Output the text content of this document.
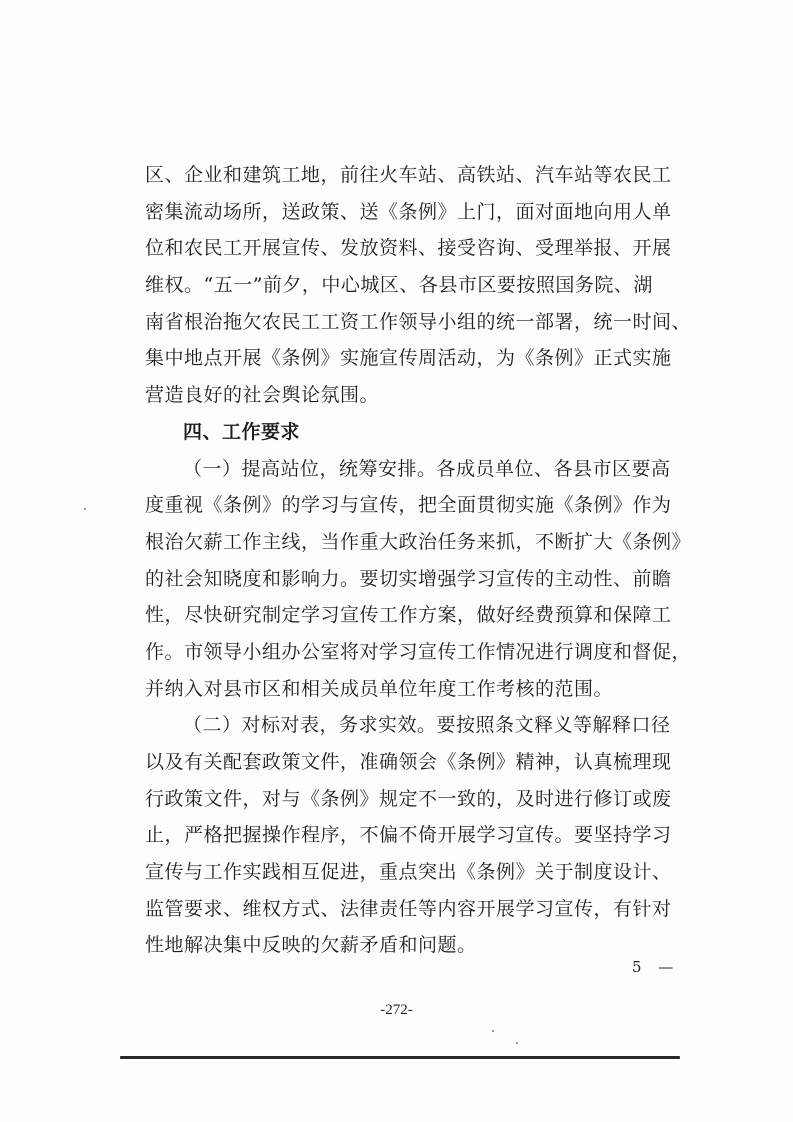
区、企业和建筑工地，前往火车站、高铁站、汽车站等农民工
密集流动场所，送政策、送《条例》上门，面对面地向用人单
位和农民工开展宣传、发放资料、接受咨询、受理举报、开展
维权。“五一”前夕，中心城区、各县市区要按照国务院、湖
南省根治拖欠农民工工资工作领导小组的统一部署，统一时间、
集中地点开展《条例》实施宣传周活动，为《条例》正式实施
营造良好的社会舆论氛围。
四、工作要求
（一）提高站位，统筹安排。各成员单位、各县市区要高
度重视《条例》的学习与宣传，把全面贯彻实施《条例》作为
根治欠薪工作主线，当作重大政治任务来抓，不断扩大《条例》
的社会知晓度和影响力。要切实增强学习宣传的主动性、前瞻
性，尽快研究制定学习宣传工作方案，做好经费预算和保障工
作。市领导小组办公室将对学习宣传工作情况进行调度和督促，
并纳入对县市区和相关成员单位年度工作考核的范围。
（二）对标对表，务求实效。要按照条文释义等解释口径
以及有关配套政策文件，准确领会《条例》精神，认真梳理现
行政策文件，对与《条例》规定不一致的，及时进行修订或废
止，严格把握操作程序，不偏不倚开展学习宣传。要坚持学习
宣传与工作实践相互促进，重点突出《条例》关于制度设计、
监管要求、维权方式、法律责任等内容开展学习宣传，有针对
性地解决集中反映的欠薪矛盾和问题。
5 —
-272-
